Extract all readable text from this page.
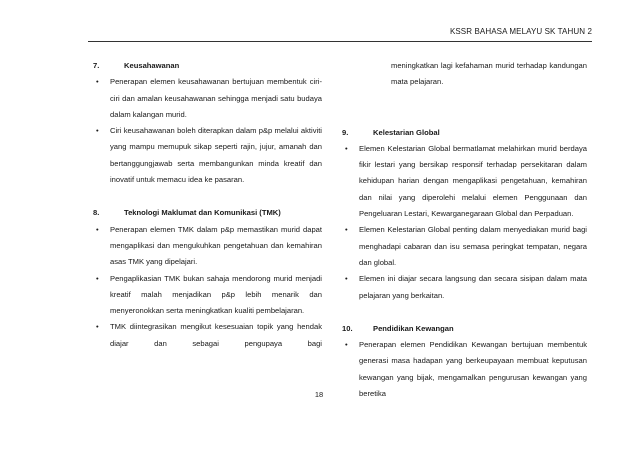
KSSR BAHASA MELAYU SK TAHUN 2
7.	Keusahawanan
•	Penerapan elemen keusahawanan bertujuan membentuk ciri-ciri dan amalan keusahawanan sehingga menjadi satu budaya dalam kalangan murid.
•	Ciri keusahawanan boleh diterapkan dalam p&p melalui aktiviti yang mampu memupuk sikap seperti rajin, jujur, amanah dan bertanggungjawab serta membangunkan minda kreatif dan inovatif untuk memacu idea ke pasaran.
8.	Teknologi Maklumat dan Komunikasi (TMK)
•	Penerapan elemen TMK dalam p&p memastikan murid dapat mengaplikasi dan mengukuhkan pengetahuan dan kemahiran asas TMK yang dipelajari.
•	Pengaplikasian TMK bukan sahaja mendorong murid menjadi kreatif malah menjadikan p&p lebih menarik dan menyeronokkan serta meningkatkan kualiti pembelajaran.
•	TMK diintegrasikan mengikut kesesuaian topik yang hendak diajar dan sebagai pengupaya bagi
meningkatkan lagi kefahaman murid terhadap kandungan mata pelajaran.
9.	Kelestarian Global
•	Elemen Kelestarian Global bermatlamat melahirkan murid berdaya fikir lestari yang bersikap responsif terhadap persekitaran dalam kehidupan harian dengan mengaplikasi pengetahuan, kemahiran dan nilai yang diperolehi melalui elemen Penggunaan dan Pengeluaran Lestari, Kewarganegaraan Global dan Perpaduan.
•	Elemen Kelestarian Global penting dalam menyediakan murid bagi menghadapi cabaran dan isu semasa peringkat tempatan, negara dan global.
•	Elemen ini diajar secara langsung dan secara sisipan dalam mata pelajaran yang berkaitan.
10.	Pendidikan Kewangan
•	Penerapan elemen Pendidikan Kewangan bertujuan membentuk generasi masa hadapan yang berkeupayaan membuat keputusan kewangan yang bijak, mengamalkan pengurusan kewangan yang beretika
18
